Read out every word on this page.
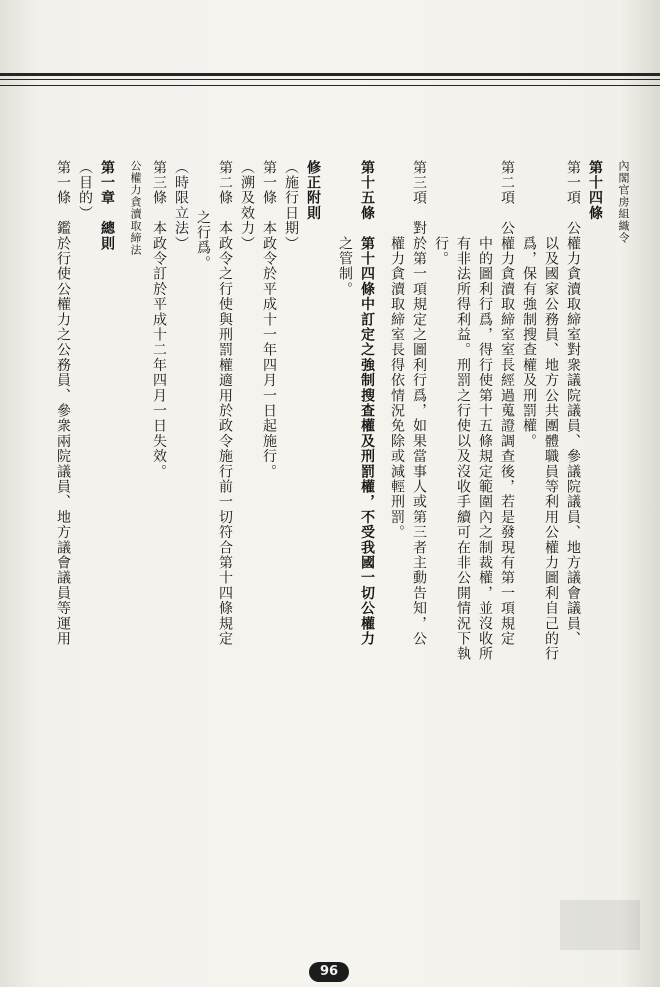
內閣官房組織令
第十四條
第一項　公權力貪瀆取締室對衆議院議員、參議院議員、地方議會議員、
以及國家公務員、地方公共團體職員等利用公權力圖利自己的行
爲，保有強制搜查權及刑罰權。
第二項　公權力貪瀆取締室室長經過蒐證調查後，若是發現有第一項規定
中的圖利行爲，得行使第十五條規定範圍內之制裁權，並沒收所
有非法所得利益。刑罰之行使以及沒收手續可在非公開情況下執
行。
第三項　對於第一項規定之圖利行爲，如果當事人或第三者主動告知，公
權力貪瀆取締室長得依情況免除或減輕刑罰。
第十五條　第十四條中訂定之強制搜查權及刑罰權，不受我國一切公權力
之管制。
修正附則
（施行日期）
第一條　本政令於平成十一年四月一日起施行。
（溯及效力）
第二條　本政令之行使與刑罰權適用於政令施行前一切符合第十四條規定
之行爲。
（時限立法）
第三條　本政令訂於平成十二年四月一日失效。
公權力貪瀆取締法
第一章　總則
（目的）
第一條　鑑於行使公權力之公務員、參衆兩院議員、地方議會議員等運用
96
